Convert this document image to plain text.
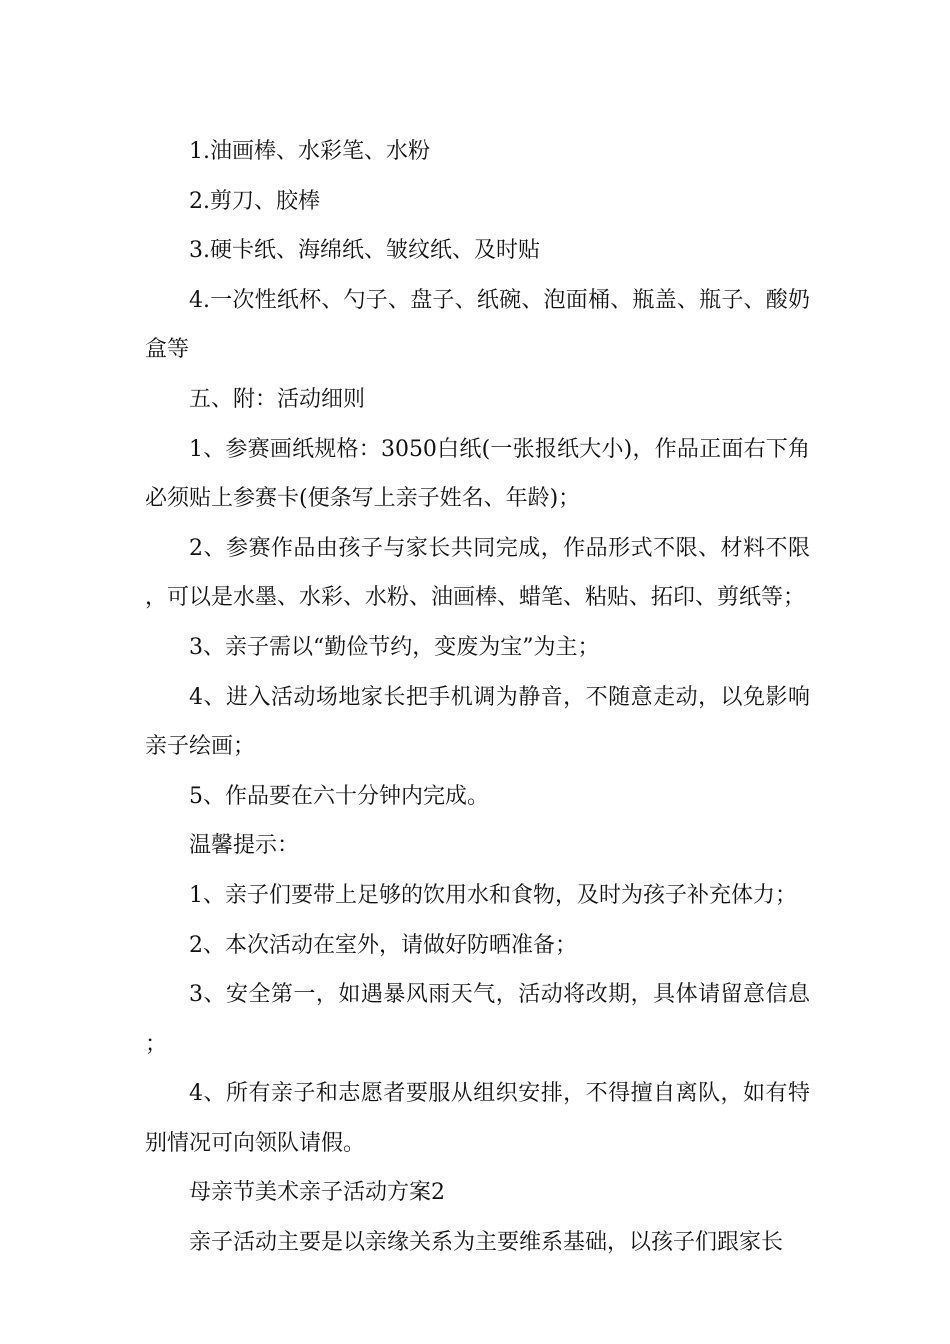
1.油画棒、水彩笔、水粉

2.剪刀、胶棒

3.硬卡纸、海绵纸、皱纹纸、及时贴

4.一次性纸杯、勺子、盘子、纸碗、泡面桶、瓶盖、瓶子、酸奶盒等

五、附：活动细则

1、参赛画纸规格：3050白纸(一张报纸大小)，作品正面右下角必须贴上参赛卡(便条写上亲子姓名、年龄)；

2、参赛作品由孩子与家长共同完成，作品形式不限、材料不限，可以是水墨、水彩、水粉、油画棒、蜡笔、粘贴、拓印、剪纸等；

3、亲子需以“勤俭节约，变废为宝”为主；

4、进入活动场地家长把手机调为静音，不随意走动，以免影响亲子绘画；

5、作品要在六十分钟内完成。

温馨提示：

1、亲子们要带上足够的饮用水和食物，及时为孩子补充体力；

2、本次活动在室外，请做好防晒准备；

3、安全第一，如遇暴风雨天气，活动将改期，具体请留意信息；

4、所有亲子和志愿者要服从组织安排，不得擅自离队，如有特别情况可向领队请假。

母亲节美术亲子活动方案2

亲子活动主要是以亲缘关系为主要维系基础，以孩子们跟家长
